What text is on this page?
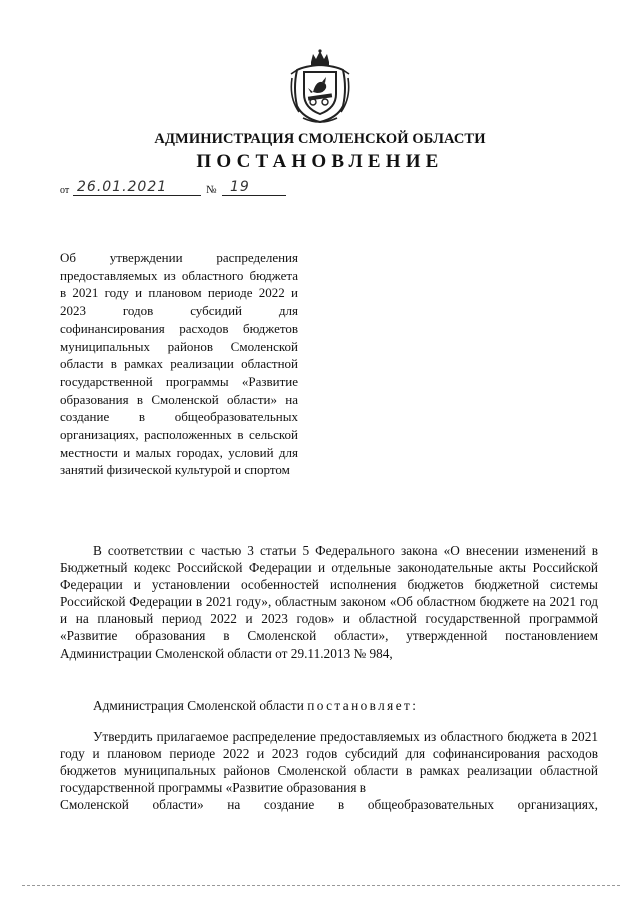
АДМИНИСТРАЦИЯ СМОЛЕНСКОЙ ОБЛАСТИ
ПОСТАНОВЛЕНИЕ
от 26.01.2021	№ 19
Об утверждении распределения предоставляемых из областного бюджета в 2021 году и плановом периоде 2022 и 2023 годов субсидий для софинансирования расходов бюджетов муниципальных районов Смоленской области в рамках реализации областной государственной программы «Развитие образования в Смоленской области» на создание в общеобразовательных организациях, расположенных в сельской местности и малых городах, условий для занятий физической культурой и спортом
В соответствии с частью 3 статьи 5 Федерального закона «О внесении изменений в Бюджетный кодекс Российской Федерации и отдельные законодательные акты Российской Федерации и установлении особенностей исполнения бюджетов бюджетной системы Российской Федерации в 2021 году», областным законом «Об областном бюджете на 2021 год и на плановый период 2022 и 2023 годов» и областной государственной программой «Развитие образования в Смоленской области», утвержденной постановлением Администрации Смоленской области от 29.11.2013 № 984,
Администрация Смоленской области постановляет:
Утвердить прилагаемое распределение предоставляемых из областного бюджета в 2021 году и плановом периоде 2022 и 2023 годов субсидий для софинансирования расходов бюджетов муниципальных районов Смоленской области в рамках реализации областной государственной программы «Развитие образования в
Смоленской области» на создание в общеобразовательных организациях,
